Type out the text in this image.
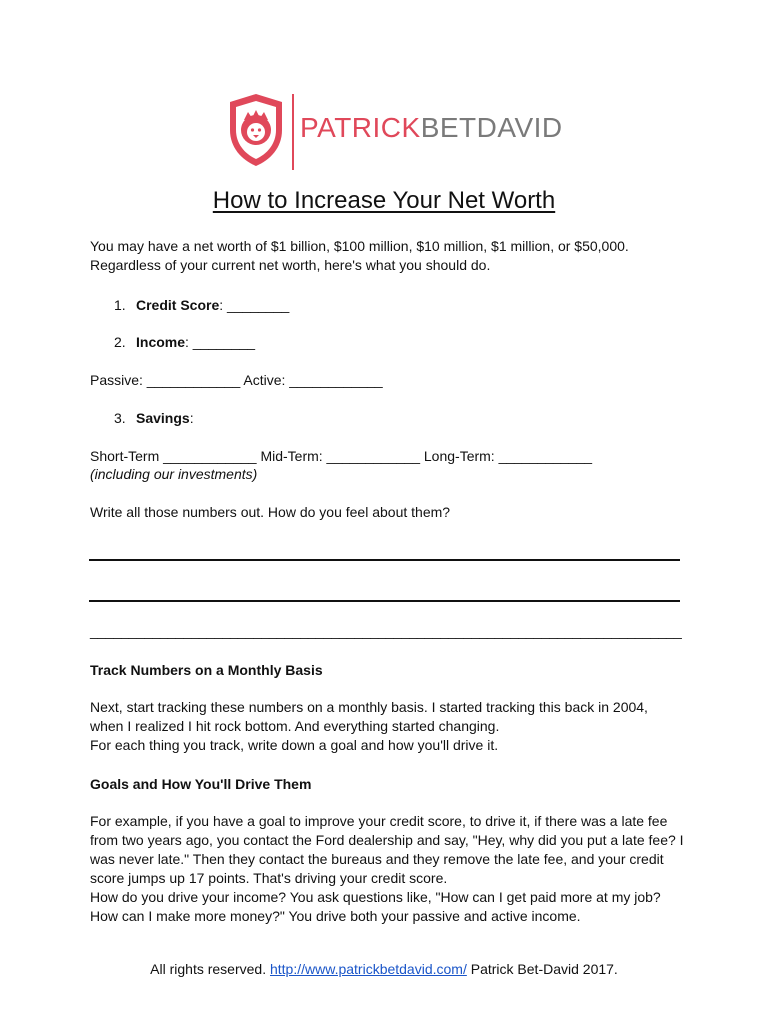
PATRICKBETDAVID
How to Increase Your Net Worth
You may have a net worth of $1 billion, $100 million, $10 million, $1 million, or $50,000.
Regardless of your current net worth, here's what you should do.
1. Credit Score: ________
2. Income: ________
Passive: ____________ Active: ____________
3. Savings:
Short-Term ____________ Mid-Term: ____________ Long-Term: ____________
(including our investments)
Write all those numbers out. How do you feel about them?
____________________________________________________________________________
Track Numbers on a Monthly Basis
Next, start tracking these numbers on a monthly basis. I started tracking this back in 2004,
when I realized I hit rock bottom. And everything started changing.
For each thing you track, write down a goal and how you'll drive it.
Goals and How You'll Drive Them
For example, if you have a goal to improve your credit score, to drive it, if there was a late fee
from two years ago, you contact the Ford dealership and say, "Hey, why did you put a late fee? I
was never late." Then they contact the bureaus and they remove the late fee, and your credit
score jumps up 17 points. That's driving your credit score.
How do you drive your income? You ask questions like, "How can I get paid more at my job?
How can I make more money?" You drive both your passive and active income.
All rights reserved. http://www.patrickbetdavid.com/ Patrick Bet-David 2017.
